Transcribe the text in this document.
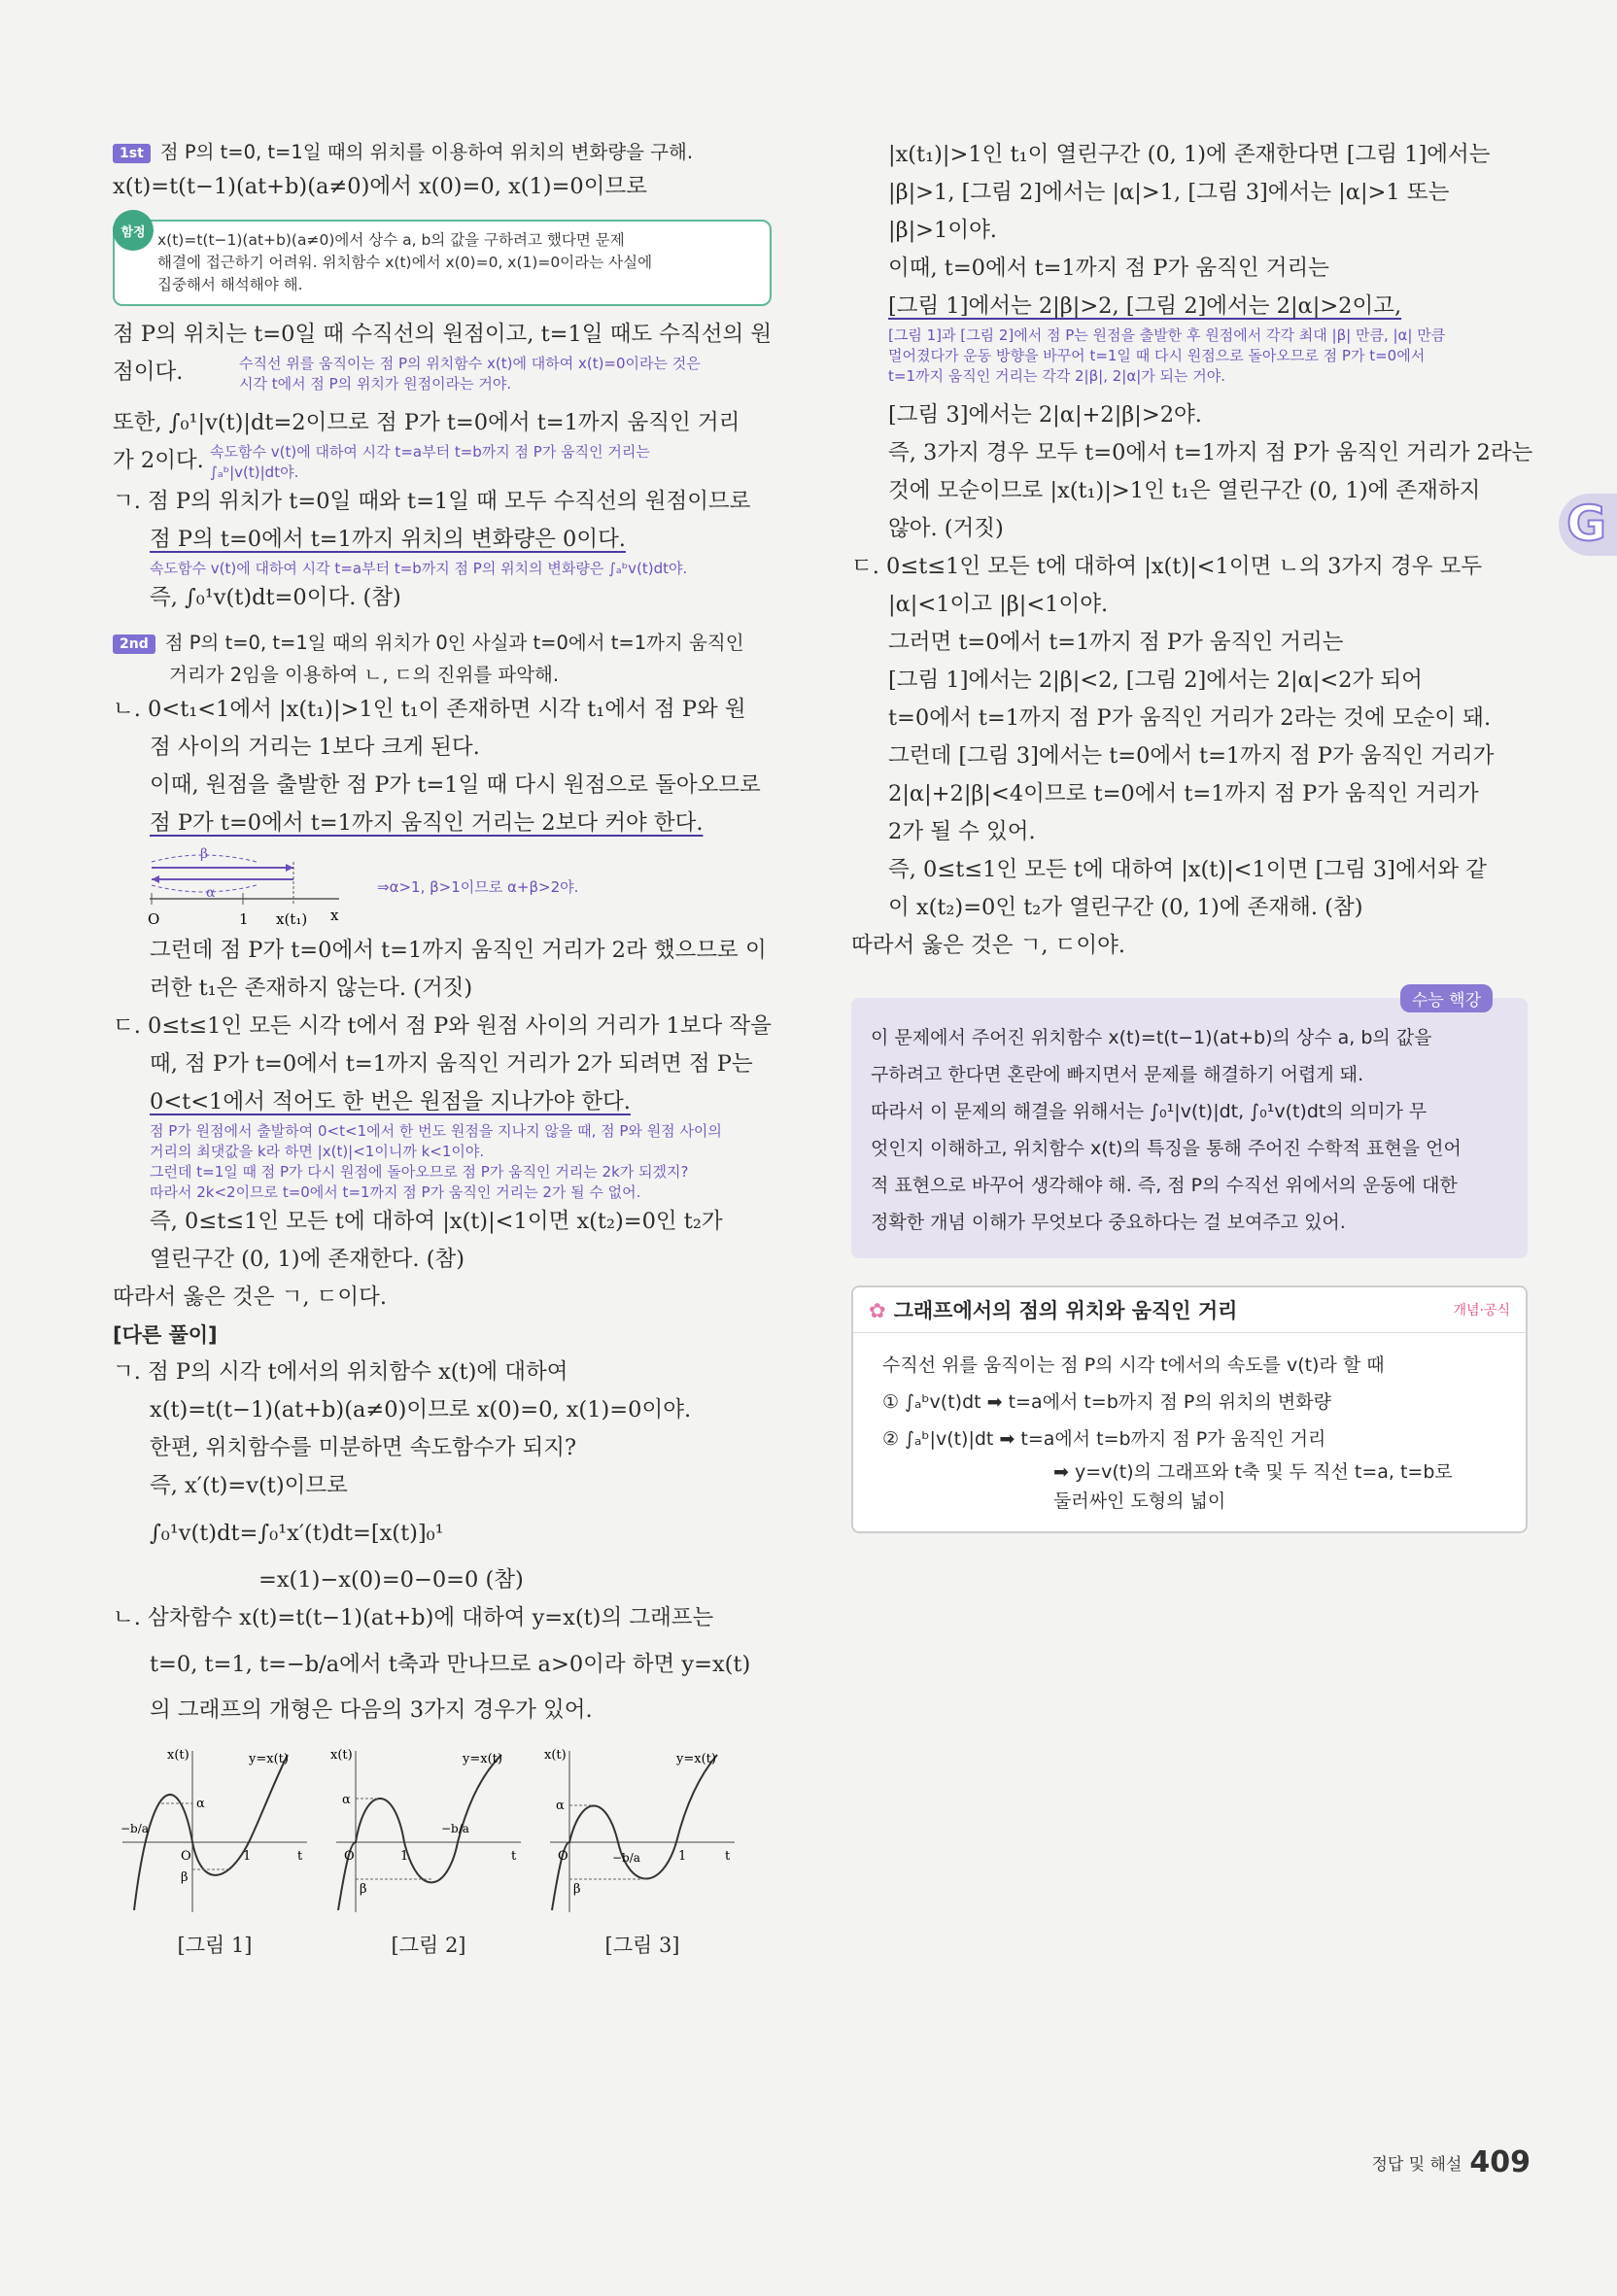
G
1st 점 P의 t=0, t=1일 때의 위치를 이용하여 위치의 변화량을 구해.
x(t)=t(t−1)(at+b)(a≠0)에서 x(0)=0, x(1)=0이므로
함정 x(t)=t(t−1)(at+b)(a≠0)에서 상수 a, b의 값을 구하려고 했다면 문제
해결에 접근하기 어려워. 위치함수 x(t)에서 x(0)=0, x(1)=0이라는 사실에
집중해서 해석해야 해.
점 P의 위치는 t=0일 때 수직선의 원점이고, t=1일 때도 수직선의 원
점이다.	수직선 위를 움직이는 점 P의 위치함수 x(t)에 대하여 x(t)=0이라는 것은
시각 t에서 점 P의 위치가 원점이라는 거야.
또한, ∫₀¹|v(t)|dt=2이므로 점 P가 t=0에서 t=1까지 움직인 거리
가 2이다. 속도함수 v(t)에 대하여 시각 t=a부터 t=b까지 점 P가 움직인 거리는
∫ₐᵇ|v(t)|dt야.
ㄱ. 점 P의 위치가 t=0일 때와 t=1일 때 모두 수직선의 원점이므로
점 P의 t=0에서 t=1까지 위치의 변화량은 0이다.
속도함수 v(t)에 대하여 시각 t=a부터 t=b까지 점 P의 위치의 변화량은 ∫ₐᵇv(t)dt야.
즉, ∫₀¹v(t)dt=0이다. (참)
2nd 점 P의 t=0, t=1일 때의 위치가 0인 사실과 t=0에서 t=1까지 움직인
거리가 2임을 이용하여 ㄴ, ㄷ의 진위를 파악해.
ㄴ. 0<t₁<1에서 |x(t₁)|>1인 t₁이 존재하면 시각 t₁에서 점 P와 원
점 사이의 거리는 1보다 크게 된다.
이때, 원점을 출발한 점 P가 t=1일 때 다시 원점으로 돌아오므로
점 P가 t=0에서 t=1까지 움직인 거리는 2보다 커야 한다.
β
α
O	1 x(t₁) x
⇒α>1, β>1이므로 α+β>2야.
그런데 점 P가 t=0에서 t=1까지 움직인 거리가 2라 했으므로 이
러한 t₁은 존재하지 않는다. (거짓)
ㄷ. 0≤t≤1인 모든 시각 t에서 점 P와 원점 사이의 거리가 1보다 작을
때, 점 P가 t=0에서 t=1까지 움직인 거리가 2가 되려면 점 P는
0<t<1에서 적어도 한 번은 원점을 지나가야 한다.
점 P가 원점에서 출발하여 0<t<1에서 한 번도 원점을 지나지 않을 때, 점 P와 원점 사이의
거리의 최댓값을 k라 하면 |x(t)|<1이니까 k<1이야.
그런데 t=1일 때 점 P가 다시 원점에 돌아오므로 점 P가 움직인 거리는 2k가 되겠지?
따라서 2k<2이므로 t=0에서 t=1까지 점 P가 움직인 거리는 2가 될 수 없어.
즉, 0≤t≤1인 모든 t에 대하여 |x(t)|<1이면 x(t₂)=0인 t₂가
열린구간 (0, 1)에 존재한다. (참)
따라서 옳은 것은 ㄱ, ㄷ이다.
[다른 풀이]
ㄱ. 점 P의 시각 t에서의 위치함수 x(t)에 대하여
x(t)=t(t−1)(at+b)(a≠0)이므로 x(0)=0, x(1)=0이야.
한편, 위치함수를 미분하면 속도함수가 되지?
즉, x′(t)=v(t)이므로
∫₀¹v(t)dt=∫₀¹x′(t)dt=[x(t)]₀¹
=x(1)−x(0)=0−0=0 (참)
ㄴ. 삼차함수 x(t)=t(t−1)(at+b)에 대하여 y=x(t)의 그래프는
t=0, t=1, t=−b/a에서 t축과 만나므로 a>0이라 하면 y=x(t)
의 그래프의 개형은 다음의 3가지 경우가 있어.
x(t)	y=x(t)
t
O	1
α
β
−b/a
[그림 1]
x(t)	y=x(t)
t
O	1
α
β
−b/a
[그림 2]
x(t)	y=x(t)
t
O	1
α
β
−b/a
[그림 3]
|x(t₁)|>1인 t₁이 열린구간 (0, 1)에 존재한다면 [그림 1]에서는
|β|>1, [그림 2]에서는 |α|>1, [그림 3]에서는 |α|>1 또는
|β|>1이야.
이때, t=0에서 t=1까지 점 P가 움직인 거리는
[그림 1]에서는 2|β|>2, [그림 2]에서는 2|α|>2이고,
[그림 1]과 [그림 2]에서 점 P는 원점을 출발한 후 원점에서 각각 최대 |β| 만큼, |α| 만큼
멀어졌다가 운동 방향을 바꾸어 t=1일 때 다시 원점으로 돌아오므로 점 P가 t=0에서
t=1까지 움직인 거리는 각각 2|β|, 2|α|가 되는 거야.
[그림 3]에서는 2|α|+2|β|>2야.
즉, 3가지 경우 모두 t=0에서 t=1까지 점 P가 움직인 거리가 2라는
것에 모순이므로 |x(t₁)|>1인 t₁은 열린구간 (0, 1)에 존재하지
않아. (거짓)
ㄷ. 0≤t≤1인 모든 t에 대하여 |x(t)|<1이면 ㄴ의 3가지 경우 모두
|α|<1이고 |β|<1이야.
그러면 t=0에서 t=1까지 점 P가 움직인 거리는
[그림 1]에서는 2|β|<2, [그림 2]에서는 2|α|<2가 되어
t=0에서 t=1까지 점 P가 움직인 거리가 2라는 것에 모순이 돼.
그런데 [그림 3]에서는 t=0에서 t=1까지 점 P가 움직인 거리가
2|α|+2|β|<4이므로 t=0에서 t=1까지 점 P가 움직인 거리가
2가 될 수 있어.
즉, 0≤t≤1인 모든 t에 대하여 |x(t)|<1이면 [그림 3]에서와 같
이 x(t₂)=0인 t₂가 열린구간 (0, 1)에 존재해. (참)
따라서 옳은 것은 ㄱ, ㄷ이야.
수능 핵강
이 문제에서 주어진 위치함수 x(t)=t(t−1)(at+b)의 상수 a, b의 값을
구하려고 한다면 혼란에 빠지면서 문제를 해결하기 어렵게 돼.
따라서 이 문제의 해결을 위해서는 ∫₀¹|v(t)|dt, ∫₀¹v(t)dt의 의미가 무
엇인지 이해하고, 위치함수 x(t)의 특징을 통해 주어진 수학적 표현을 언어
적 표현으로 바꾸어 생각해야 해. 즉, 점 P의 수직선 위에서의 운동에 대한
정확한 개념 이해가 무엇보다 중요하다는 걸 보여주고 있어.
✿ 그래프에서의 점의 위치와 움직인 거리	개념·공식
수직선 위를 움직이는 점 P의 시각 t에서의 속도를 v(t)라 할 때
① ∫ₐᵇv(t)dt ➡ t=a에서 t=b까지 점 P의 위치의 변화량
② ∫ₐᵇ|v(t)|dt ➡ t=a에서 t=b까지 점 P가 움직인 거리
➡ y=v(t)의 그래프와 t축 및 두 직선 t=a, t=b로
둘러싸인 도형의 넓이
정답 및 해설 409
